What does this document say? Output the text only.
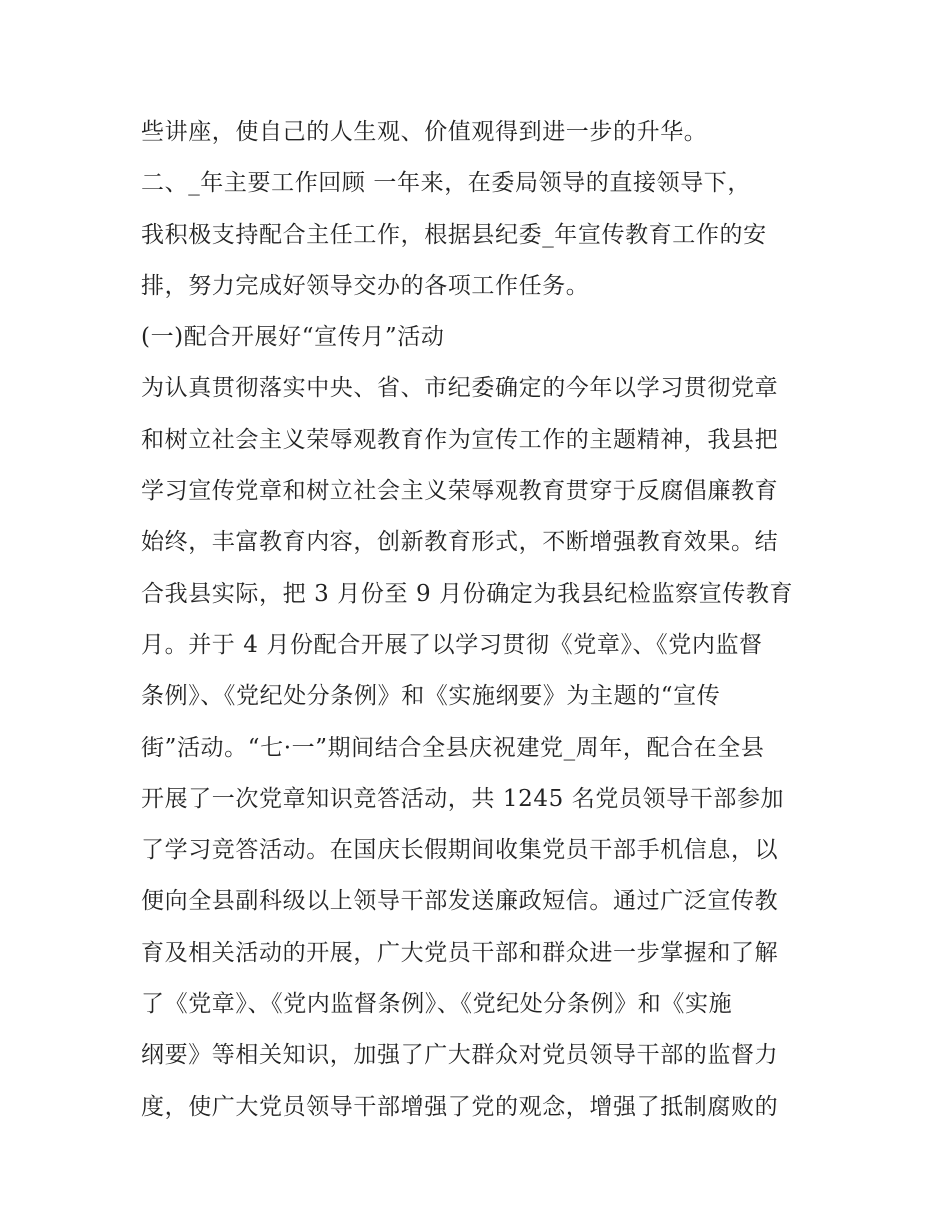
些讲座，使自己的人生观、价值观得到进一步的升华。
二、_年主要工作回顾 一年来，在委局领导的直接领导下，
我积极支持配合主任工作，根据县纪委_年宣传教育工作的安
排，努力完成好领导交办的各项工作任务。
(一)配合开展好“宣传月”活动
为认真贯彻落实中央、省、市纪委确定的今年以学习贯彻党章
和树立社会主义荣辱观教育作为宣传工作的主题精神，我县把
学习宣传党章和树立社会主义荣辱观教育贯穿于反腐倡廉教育
始终，丰富教育内容，创新教育形式，不断增强教育效果。结
合我县实际，把 3 月份至 9 月份确定为我县纪检监察宣传教育
月。并于 4 月份配合开展了以学习贯彻《党章》、《党内监督
条例》、《党纪处分条例》和《实施纲要》为主题的“宣传
街”活动。“七·一”期间结合全县庆祝建党_周年，配合在全县
开展了一次党章知识竞答活动，共 1245 名党员领导干部参加
了学习竞答活动。在国庆长假期间收集党员干部手机信息，以
便向全县副科级以上领导干部发送廉政短信。通过广泛宣传教
育及相关活动的开展，广大党员干部和群众进一步掌握和了解
了《党章》、《党内监督条例》、《党纪处分条例》和《实施
纲要》等相关知识，加强了广大群众对党员领导干部的监督力
度，使广大党员领导干部增强了党的观念，增强了抵制腐败的
